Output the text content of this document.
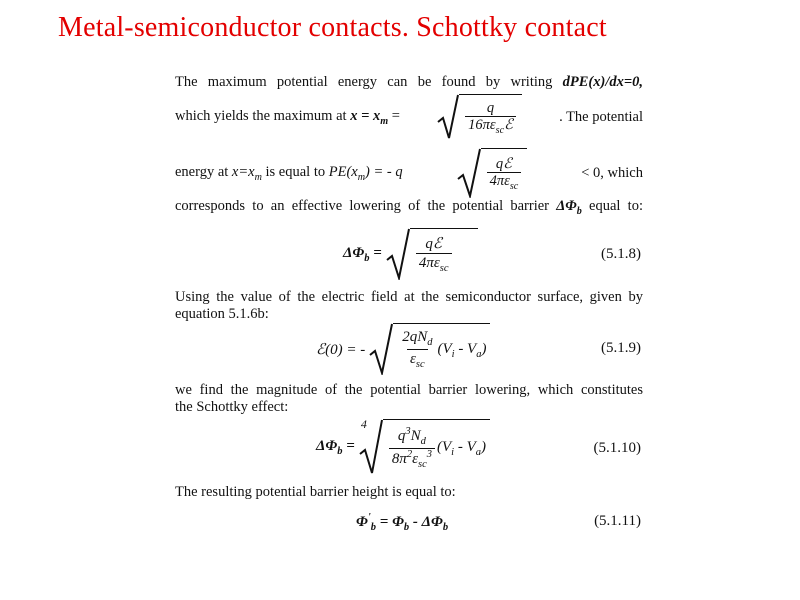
Metal-semiconductor contacts. Schottky contact
The maximum potential energy can be found by writing dPE(x)/dx=0,
which yields the maximum at $x = x_m$ =	$\frac{q}{16\pi\varepsilon_{sc}ℰ}$	. The potential
energy at $x=x_m$ is equal to $PE(x_m)$ = - q	$\frac{\text{qℰ}}{4\pi\varepsilon_{sc}}$	< 0, which
corresponds to an effective lowering of the potential barrier $\Delta\Phi_b$ equal to:
$\Delta\Phi_b = \frac{\text{qℰ}}{4\pi\varepsilon_{sc}}$	(5.1.8)
Using the value of the electric field at the semiconductor surface, given by
equation 5.1.6b:
ℰ(0) = - $\frac{2qN_d}{\varepsilon_{sc}} (V_i - V_a)$	(5.1.9)
we find the magnitude of the potential barrier lowering, which constitutes
the Schottky effect:
$\Delta\Phi_b$ =
4
$\frac{q^3N_d}{8\pi^2\varepsilon_{sc}^3} (V_i - V_a)$	(5.1.10)
The resulting potential barrier height is equal to:
$\Phi'_b = \Phi_b - \Delta\Phi_b$	(5.1.11)
